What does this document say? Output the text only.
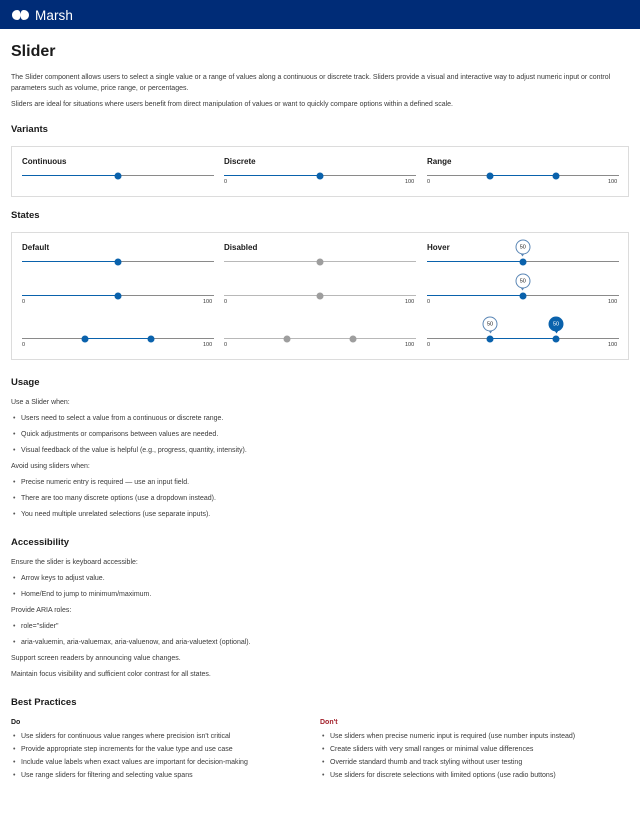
Marsh
Slider
The Slider component allows users to select a single value or a range of values along a continuous or discrete track. Sliders provide a visual and interactive way to adjust numeric input or control parameters such as volume, price range, or percentages.
Sliders are ideal for situations where users benefit from direct manipulation of values or want to quickly compare options within a defined scale.
Variants
Continuous	Discrete
0	100
Range
0	100
States
Default
0	100
0	100
Disabled
0	100
0	100
Hover	50
50
0	100
50	50
0	100
Usage
Use a Slider when:
• Users need to select a value from a continuous or discrete range.
• Quick adjustments or comparisons between values are needed.
• Visual feedback of the value is helpful (e.g., progress, quantity, intensity).
Avoid using sliders when:
• Precise numeric entry is required — use an input field.
• There are too many discrete options (use a dropdown instead).
• You need multiple unrelated selections (use separate inputs).
Accessibility
Ensure the slider is keyboard accessible:
• Arrow keys to adjust value.
• Home/End to jump to minimum/maximum.
Provide ARIA roles:
• role="slider"
• aria-valuemin, aria-valuemax, aria-valuenow, and aria-valuetext (optional).
Support screen readers by announcing value changes.
Maintain focus visibility and sufficient color contrast for all states.
Best Practices
Do
• Use sliders for continuous value ranges where precision isn't critical
• Provide appropriate step increments for the value type and use case
• Include value labels when exact values are important for decision-making
• Use range sliders for filtering and selecting value spans
Don't
• Use sliders when precise numeric input is required (use number inputs instead)
• Create sliders with very small ranges or minimal value differences
• Override standard thumb and track styling without user testing
• Use sliders for discrete selections with limited options (use radio buttons)
